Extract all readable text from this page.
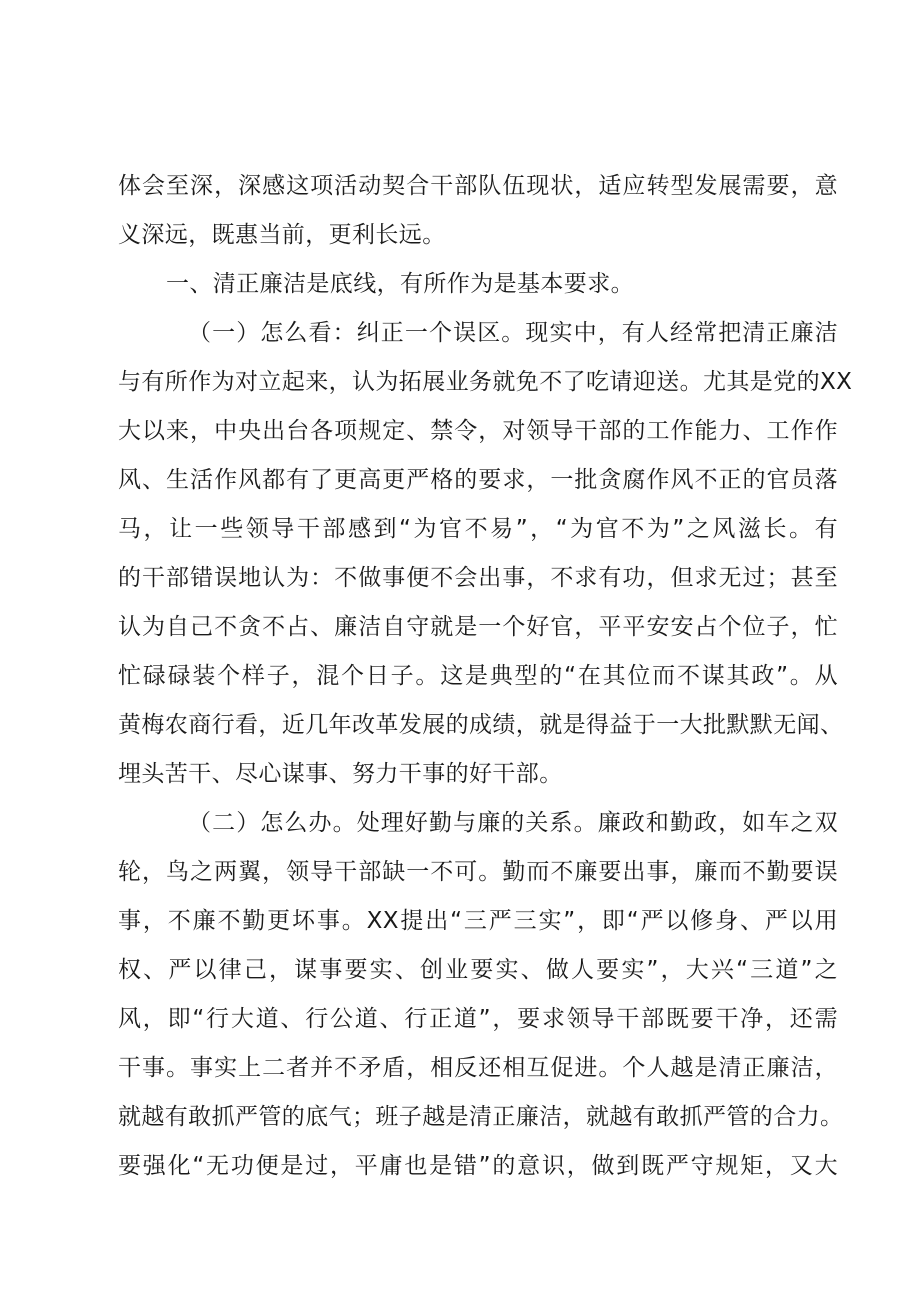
体会至深，深感这项活动契合干部队伍现状，适应转型发展需要，意
义深远，既惠当前，更利长远。
一、清正廉洁是底线，有所作为是基本要求。
（一）怎么看：纠正一个误区。现实中，有人经常把清正廉洁
与有所作为对立起来，认为拓展业务就免不了吃请迎送。尤其是党的XX
大以来，中央出台各项规定、禁令，对领导干部的工作能力、工作作
风、生活作风都有了更高更严格的要求，一批贪腐作风不正的官员落
马，让一些领导干部感到“为官不易”，“为官不为”之风滋长。有
的干部错误地认为：不做事便不会出事，不求有功，但求无过；甚至
认为自己不贪不占、廉洁自守就是一个好官，平平安安占个位子，忙
忙碌碌装个样子，混个日子。这是典型的“在其位而不谋其政”。从
黄梅农商行看，近几年改革发展的成绩，就是得益于一大批默默无闻、
埋头苦干、尽心谋事、努力干事的好干部。
（二）怎么办。处理好勤与廉的关系。廉政和勤政，如车之双
轮，鸟之两翼，领导干部缺一不可。勤而不廉要出事，廉而不勤要误
事，不廉不勤更坏事。XX提出“三严三实”，即“严以修身、严以用
权、严以律己，谋事要实、创业要实、做人要实”，大兴“三道”之
风，即“行大道、行公道、行正道”，要求领导干部既要干净，还需
干事。事实上二者并不矛盾，相反还相互促进。个人越是清正廉洁，
就越有敢抓严管的底气；班子越是清正廉洁，就越有敢抓严管的合力。
要强化“无功便是过，平庸也是错”的意识，做到既严守规矩，又大
